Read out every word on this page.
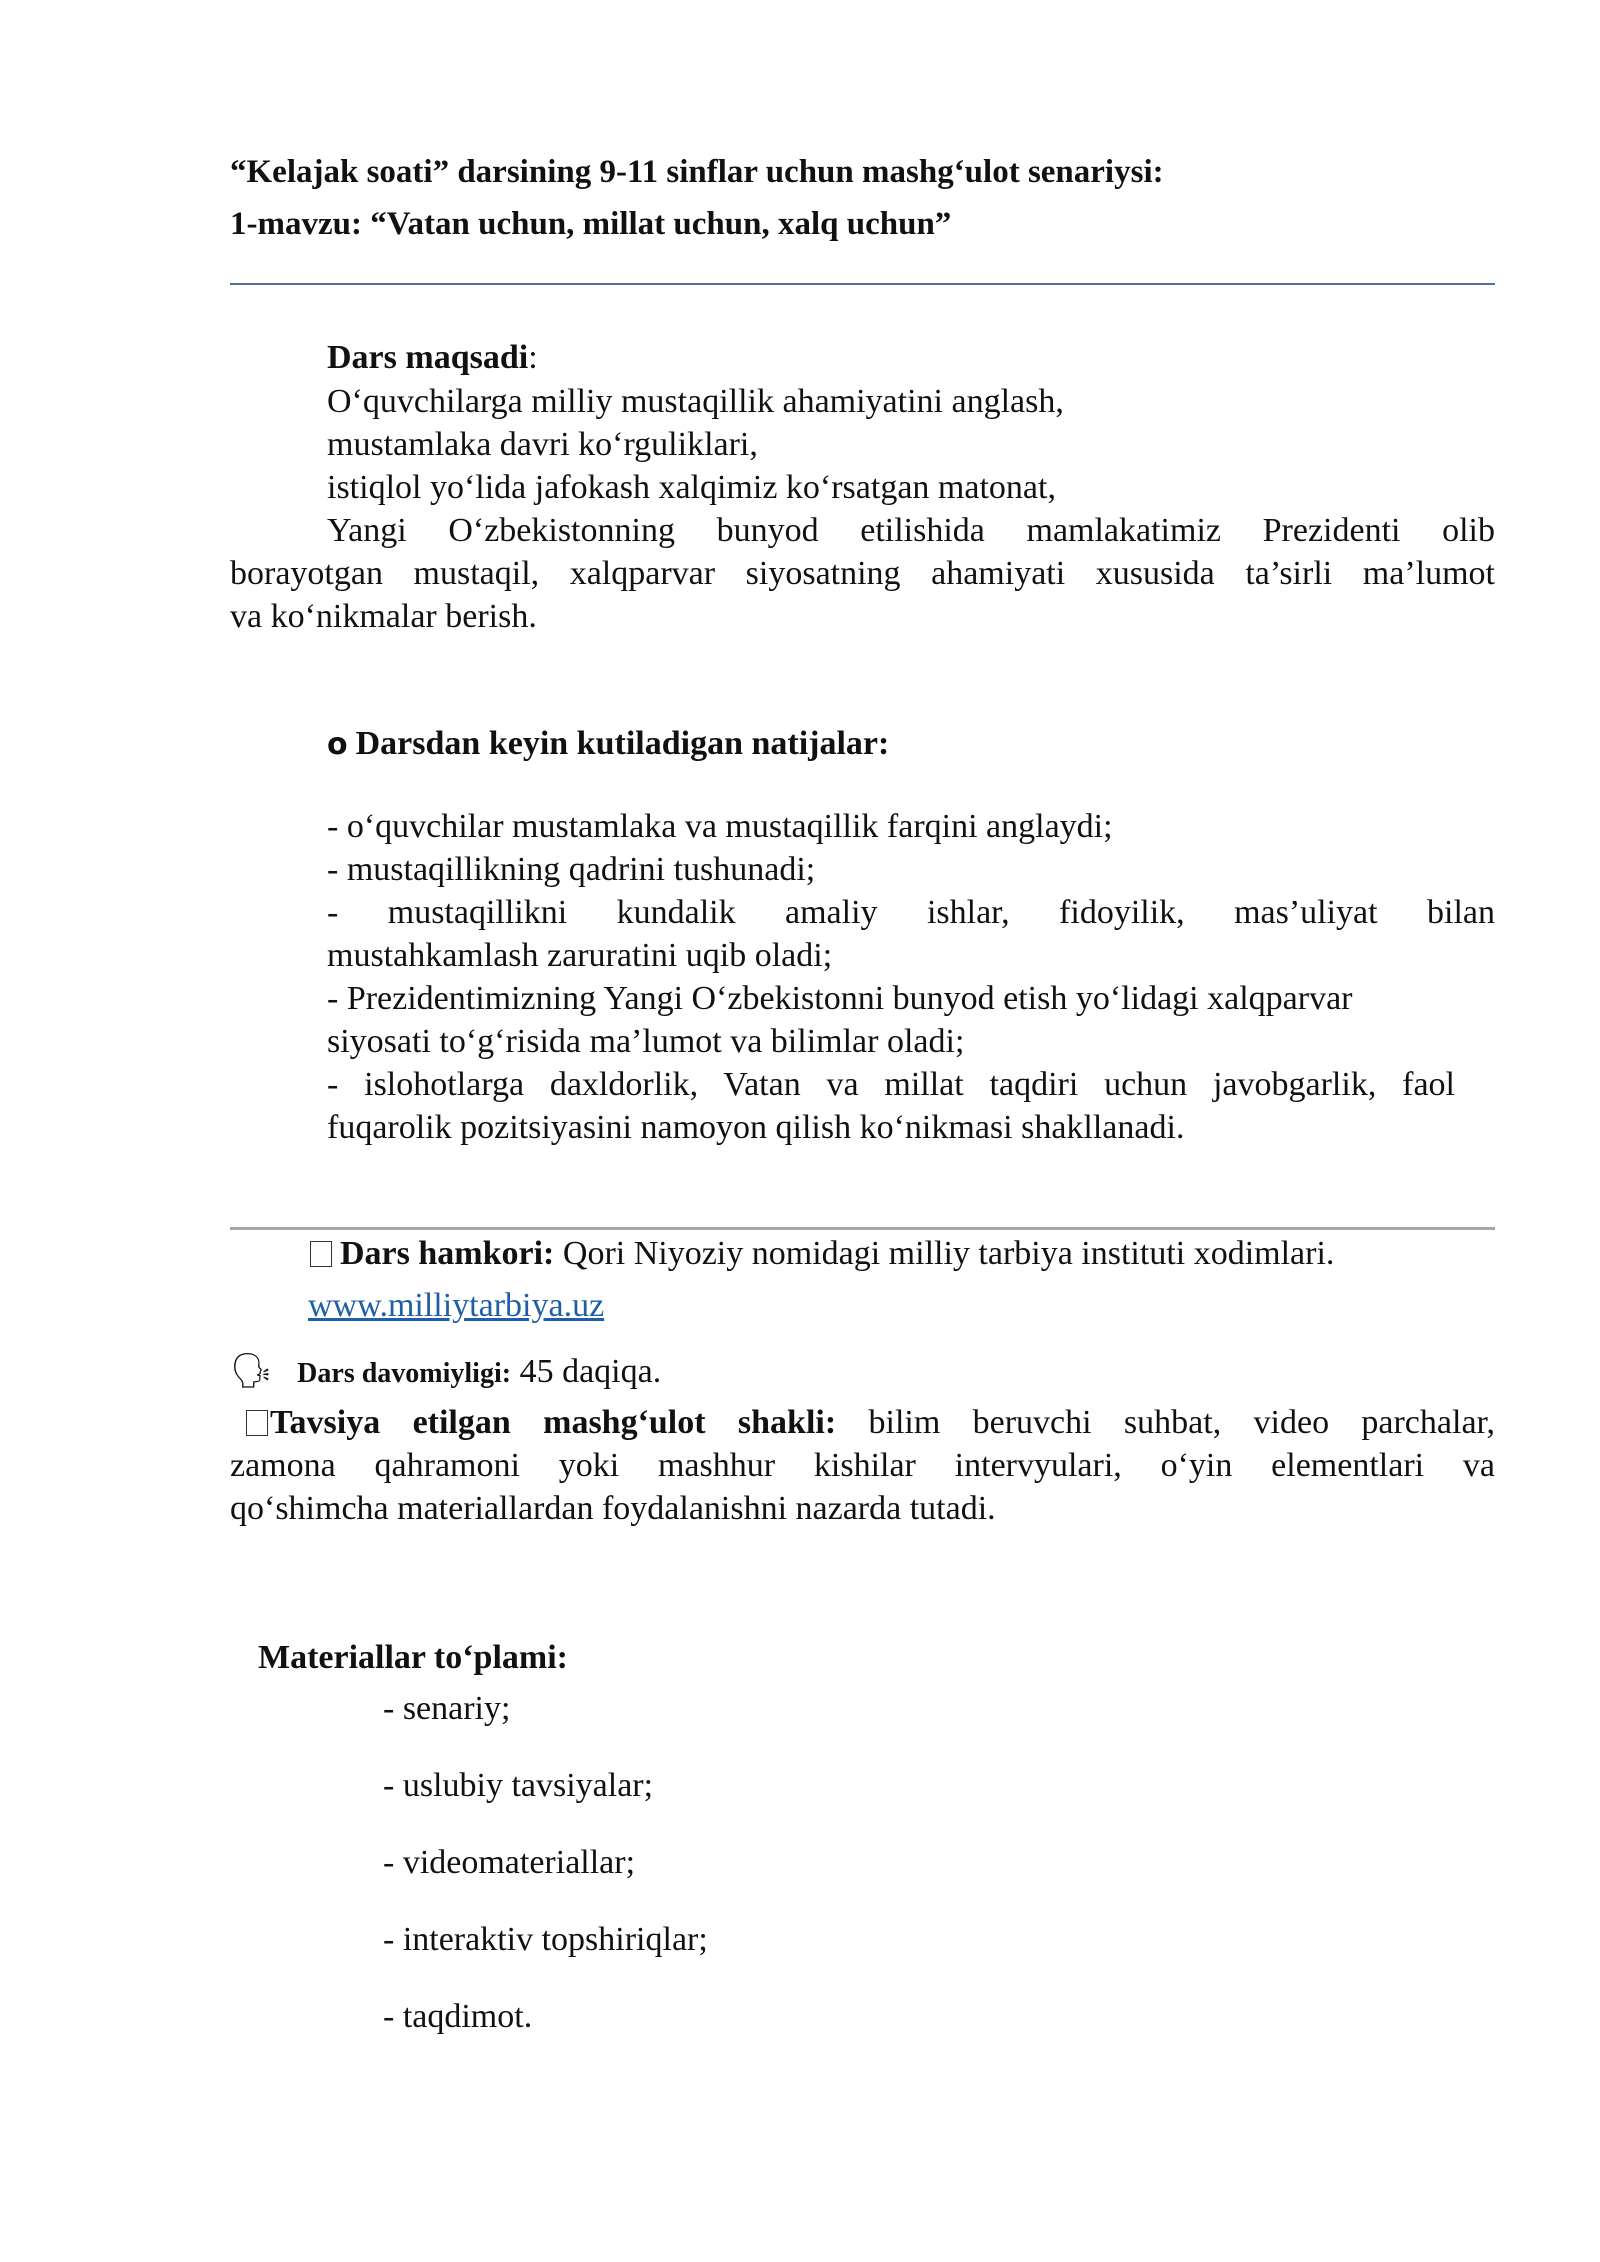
“Kelajak soati” darsining 9-11 sinflar uchun mashg‘ulot senariysi:
1-mavzu: “Vatan uchun, millat uchun, xalq uchun”
Dars maqsadi:
O‘quvchilarga milliy mustaqillik ahamiyatini anglash,
mustamlaka davri ko‘rguliklari,
istiqlol yo‘lida jafokash xalqimiz ko‘rsatgan matonat,
Yangi O‘zbekistonning bunyod etilishida mamlakatimiz Prezidenti olib
borayotgan mustaqil, xalqparvar siyosatning ahamiyati xususida ta’sirli ma’lumot
va ko‘nikmalar berish.
o Darsdan keyin kutiladigan natijalar:
- o‘quvchilar mustamlaka va mustaqillik farqini anglaydi;
- mustaqillikning qadrini tushunadi;
- mustaqillikni kundalik amaliy ishlar, fidoyilik, mas’uliyat bilan
mustahkamlash zaruratini uqib oladi;
- Prezidentimizning Yangi O‘zbekistonni bunyod etish yo‘lidagi xalqparvar
siyosati to‘g‘risida ma’lumot va bilimlar oladi;
- islohotlarga daxldorlik, Vatan va millat taqdiri uchun javobgarlik, faol
fuqarolik pozitsiyasini namoyon qilish ko‘nikmasi shakllanadi.
Dars hamkori: Qori Niyoziy nomidagi milliy tarbiya instituti xodimlari.
www.milliytarbiya.uz
🗣 Dars davomiyligi: 45 daqiqa.
Tavsiya etilgan mashg‘ulot shakli: bilim beruvchi suhbat, video parchalar,
zamona qahramoni yoki mashhur kishilar intervyulari, o‘yin elementlari va
qo‘shimcha materiallardan foydalanishni nazarda tutadi.
Materiallar to‘plami:
- senariy;
- uslubiy tavsiyalar;
- videomateriallar;
- interaktiv topshiriqlar;
- taqdimot.
